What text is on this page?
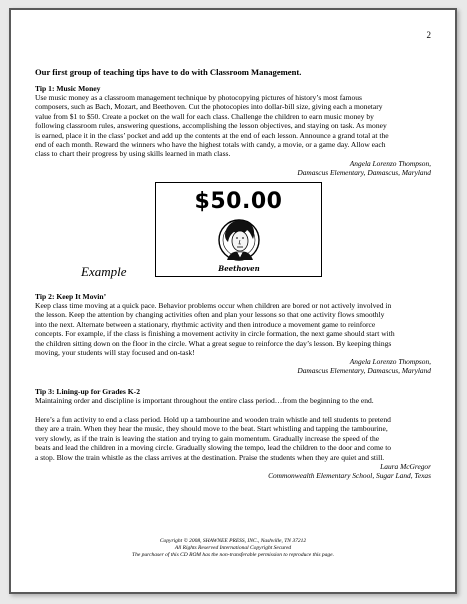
2
Our first group of teaching tips have to do with Classroom Management.
Tip 1: Music Money
Use music money as a classroom management technique by photocopying pictures of history’s most famous
composers, such as Bach, Mozart, and Beethoven. Cut the photocopies into dollar-bill size, giving each a monetary
value from $1 to $50. Create a pocket on the wall for each class. Challenge the children to earn music money by
following classroom rules, answering questions, accomplishing the lesson objectives, and staying on task. As money
is earned, place it in the class’ pocket and add up the contents at the end of each lesson. Announce a grand total at the
end of each month. Reward the winners who have the highest totals with candy, a movie, or a game day. Allow each
class to chart their progress by using skills learned in math class.
Angela Lorenzo Thompson,
Damascus Elementary, Damascus, Maryland
$50.00
Beethoven
Example
Tip 2: Keep It Movin’
Keep class time moving at a quick pace. Behavior problems occur when children are bored or not actively involved in
the lesson. Keep the attention by changing activities often and plan your lessons so that one activity flows smoothly
into the next. Alternate between a stationary, rhythmic activity and then introduce a movement game to reinforce
concepts. For example, if the class is finishing a movement activity in circle formation, the next game should start with
the children sitting down on the floor in the circle. What a great segue to reinforce the day’s lesson. By keeping things
moving, your students will stay focused and on-task!
Angela Lorenzo Thompson,
Damascus Elementary, Damascus, Maryland
Tip 3: Lining-up for Grades K-2
Maintaining order and discipline is important throughout the entire class period…from the beginning to the end.
Here’s a fun activity to end a class period. Hold up a tambourine and wooden train whistle and tell students to pretend
they are a train. When they hear the music, they should move to the beat. Start whistling and tapping the tambourine,
very slowly, as if the train is leaving the station and trying to gain momentum. Gradually increase the speed of the
beats and lead the children in a moving circle. Gradually slowing the tempo, lead the children to the door and come to
a stop. Blow the train whistle as the class arrives at the destination. Praise the students when they are quiet and still.
Laura McGregor
Commonwealth Elementary School, Sugar Land, Texas
Copyright © 2008, SHAWNEE PRESS, INC., Nashville, TN 37212
All Rights Reserved International Copyright Secured
The purchaser of this CD ROM has the non-transferable permission to reproduce this page.
